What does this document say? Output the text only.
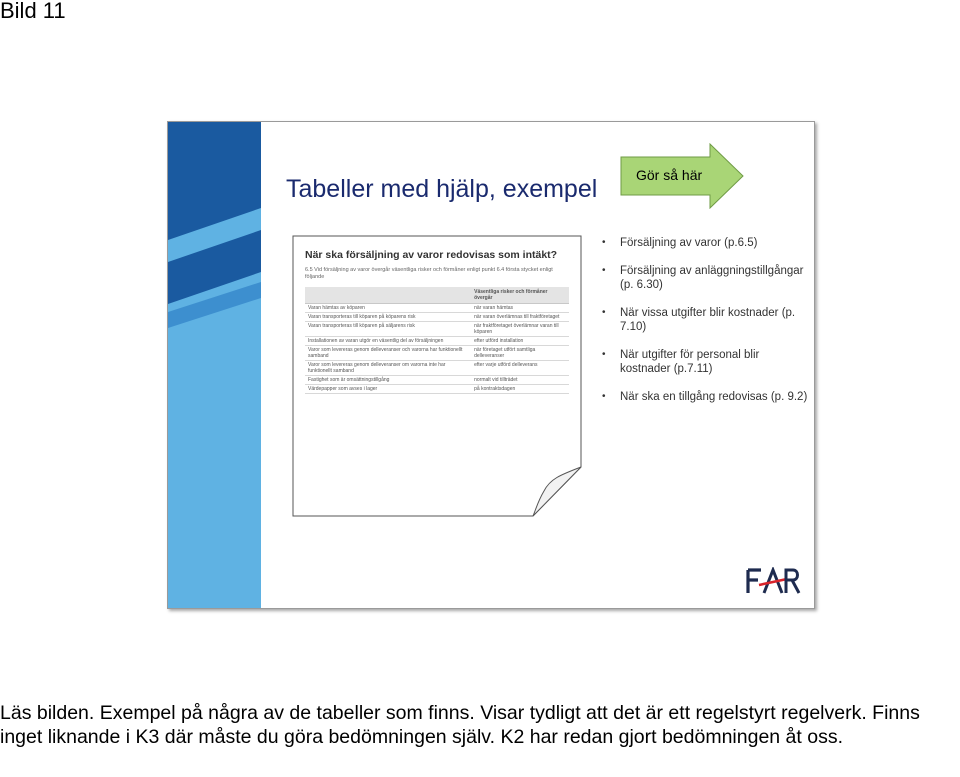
Bild 11
Tabeller med hjälp, exempel	Gör så här
När ska försäljning av varor redovisas som intäkt?
6.5 Vid försäljning av varor övergår väsentliga risker och förmåner enligt punkt 6.4 första stycket enligt följande
	Väsentliga risker och förmåner övergår
Varan hämtas av köparen	när varan hämtas
Varan transporteras till köparen på köparens risk	när varan överlämnas till fraktföretaget
Varan transporteras till köparen på säljarens risk	när fraktföretaget överlämnar varan till köparen
Installationen av varan utgör en väsentlig del av försäljningen	efter utförd installation
Varor som levereras genom delleveranser och varorna har funktionellt samband	när företaget utfört samtliga delleveranser
Varor som levereras genom delleveranser om varorna inte har funktionellt samband	efter varje utförd delleverans
Fastighet som är omsättningstillgång	normalt vid tillträdet
Värdepapper som avses i lager	på kontraktsdagen
• Försäljning av varor (p.6.5)
• Försäljning av anläggningstillgångar (p. 6.30)
• När vissa utgifter blir kostnader (p. 7.10)
• När utgifter för personal blir kostnader (p.7.11)
• När ska en tillgång redovisas (p. 9.2)
Läs bilden. Exempel på några av de tabeller som finns. Visar tydligt att det är ett regelstyrt regelverk. Finns inget liknande i K3 där måste du göra bedömningen själv. K2 har redan gjort bedömningen åt oss.
